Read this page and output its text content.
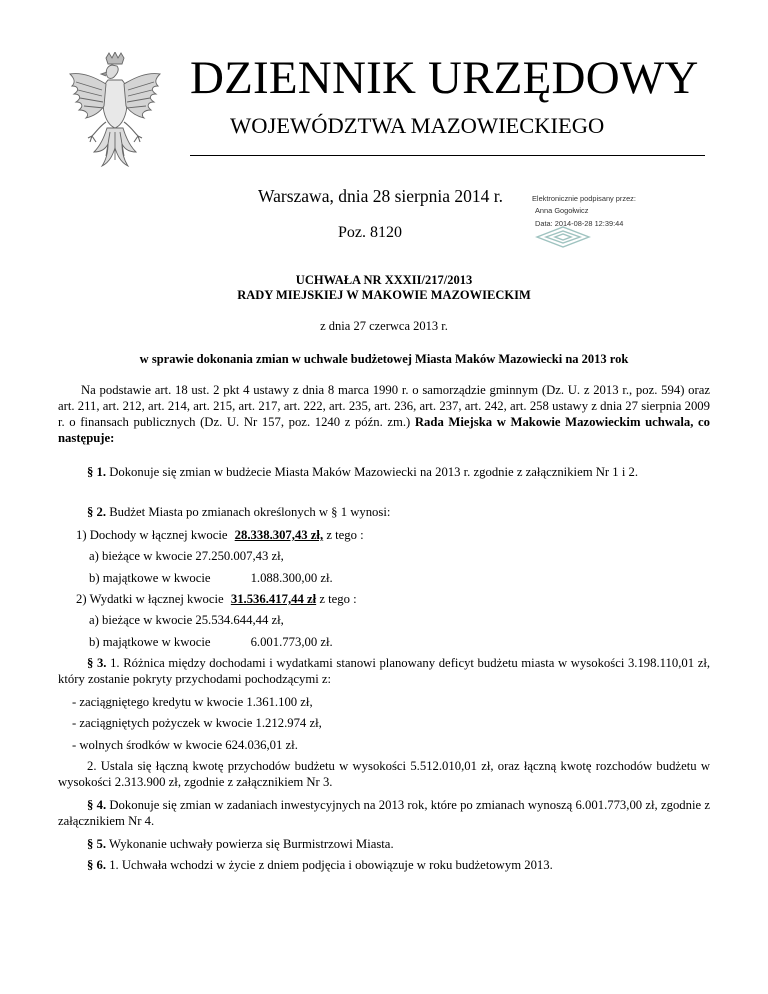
DZIENNIK URZĘDOWY
WOJEWÓDZTWA MAZOWIECKIEGO
Warszawa, dnia 28 sierpnia 2014 r.
Poz. 8120
Elektronicznie podpisany przez:
Anna Gogołwicz
Data: 2014-08-28 12:39:44
UCHWAŁA NR XXXII/217/2013
RADY MIEJSKIEJ W MAKOWIE MAZOWIECKIM
z dnia 27 czerwca 2013 r.
w sprawie dokonania zmian w uchwale budżetowej Miasta Maków Mazowiecki na 2013 rok
Na podstawie art. 18 ust. 2 pkt 4 ustawy z dnia 8 marca 1990 r. o samorządzie gminnym (Dz. U. z 2013 r., poz. 594) oraz art. 211, art. 212, art. 214, art. 215, art. 217, art. 222, art. 235, art. 236, art. 237, art. 242, art. 258 ustawy z dnia 27 sierpnia 2009 r. o finansach publicznych (Dz. U. Nr 157, poz. 1240 z późn. zm.) Rada Miejska w Makowie Mazowieckim uchwala, co następuje:
§ 1. Dokonuje się zmian w budżecie Miasta Maków Mazowiecki na 2013 r. zgodnie z załącznikiem Nr 1 i 2.
§ 2. Budżet Miasta po zmianach określonych w § 1 wynosi:
1) Dochody w łącznej kwocie 28.338.307,43 zł, z tego :
a) bieżące w kwocie 27.250.007,43 zł,
b) majątkowe w kwocie	1.088.300,00 zł.
2) Wydatki w łącznej kwocie 31.536.417,44 zł z tego :
a) bieżące w kwocie 25.534.644,44 zł,
b) majątkowe w kwocie	6.001.773,00 zł.
§ 3. 1. Różnica między dochodami i wydatkami stanowi planowany deficyt budżetu miasta w wysokości 3.198.110,01 zł, który zostanie pokryty przychodami pochodzącymi z:
- zaciągniętego kredytu w kwocie 1.361.100 zł,
- zaciągniętych pożyczek w kwocie 1.212.974 zł,
- wolnych środków w kwocie 624.036,01 zł.
2. Ustala się łączną kwotę przychodów budżetu w wysokości 5.512.010,01 zł, oraz łączną kwotę rozchodów budżetu w wysokości 2.313.900 zł, zgodnie z załącznikiem Nr 3.
§ 4. Dokonuje się zmian w zadaniach inwestycyjnych na 2013 rok, które po zmianach wynoszą 6.001.773,00 zł, zgodnie z załącznikiem Nr 4.
§ 5. Wykonanie uchwały powierza się Burmistrzowi Miasta.
§ 6. 1. Uchwała wchodzi w życie z dniem podjęcia i obowiązuje w roku budżetowym 2013.
